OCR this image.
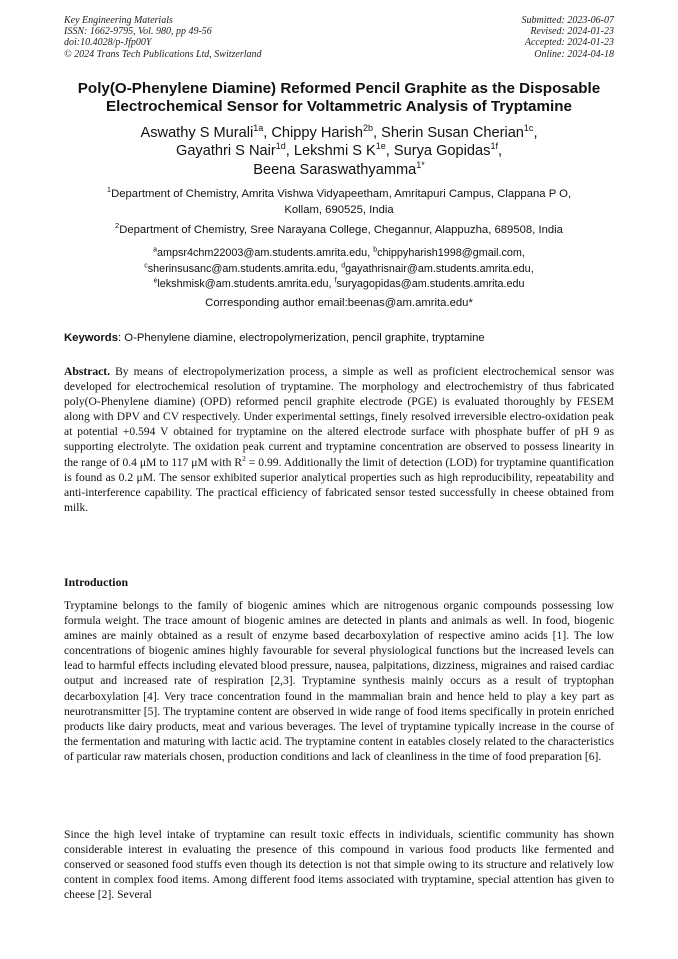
Key Engineering Materials
ISSN: 1662-9795, Vol. 980, pp 49-56
doi:10.4028/p-Jfp00Y
© 2024 Trans Tech Publications Ltd, Switzerland
Submitted: 2023-06-07
Revised: 2024-01-23
Accepted: 2024-01-23
Online: 2024-04-18
Poly(O-Phenylene Diamine) Reformed Pencil Graphite as the Disposable
Electrochemical Sensor for Voltammetric Analysis of Tryptamine
Aswathy S Murali$^{1a}$, Chippy Harish$^{2b}$, Sherin Susan Cherian$^{1c}$,
Gayathri S Nair$^{1d}$, Lekshmi S $K^{1e}$, Surya Gopidas$^{1f}$,
Beena Saraswathyamma$^{1*}$
$^1$Department of Chemistry, Amrita Vishwa Vidyapeetham, Amritapuri Campus, Clappana P O,
Kollam, 690525, India
$^2$Department of Chemistry, Sree Narayana College, Chegannur, Alappuzha, 689508, India
$^a$ampsr4chm22003@am.students.amrita.edu, $^b$chippyharish1998@gmail.com,
$^c$sherinsusanc@am.students.amrita.edu, $^d$gayathrisnair@am.students.amrita.edu,
$^e$lekshmisk@am.students.amrita.edu, $^f$suryagopidas@am.students.amrita.edu
Corresponding author email:beenas@am.amrita.edu*
Keywords: O-Phenylene diamine, electropolymerization, pencil graphite, tryptamine
Abstract. By means of electropolymerization process, a simple as well as proficient electrochemical sensor was developed for electrochemical resolution of tryptamine. The morphology and electrochemistry of thus fabricated poly(O-Phenylene diamine) (OPD) reformed pencil graphite electrode (PGE) is evaluated thoroughly by FESEM along with DPV and CV respectively. Under experimental settings, finely resolved irreversible electro-oxidation peak at potential +0.594 V obtained for tryptamine on the altered electrode surface with phosphate buffer of pH 9 as supporting electrolyte. The oxidation peak current and tryptamine concentration are observed to possess linearity in the range of 0.4 μM to 117 μM with $R^2 = 0.99$. Additionally the limit of detection (LOD) for tryptamine quantification is found as 0.2 μM. The sensor exhibited superior analytical properties such as high reproducibility, repeatability and anti-interference capability. The practical efficiency of fabricated sensor tested successfully in cheese obtained from milk.
Introduction
Tryptamine belongs to the family of biogenic amines which are nitrogenous organic compounds possessing low formula weight. The trace amount of biogenic amines are detected in plants and animals as well. In food, biogenic amines are mainly obtained as a result of enzyme based decarboxylation of respective amino acids [1]. The low concentrations of biogenic amines highly favourable for several physiological functions but the increased levels can lead to harmful effects including elevated blood pressure, nausea, palpitations, dizziness, migraines and raised cardiac output and increased rate of respiration [2,3]. Tryptamine synthesis mainly occurs as a result of tryptophan decarboxylation [4]. Very trace concentration found in the mammalian brain and hence held to play a key part as neurotransmitter [5]. The tryptamine content are observed in wide range of food items specifically in protein enriched products like dairy products, meat and various beverages. The level of tryptamine typically increase in the course of the fermentation and maturing with lactic acid. The tryptamine content in eatables closely related to the characteristics of particular raw materials chosen, production conditions and lack of cleanliness in the time of food preparation [6].
Since the high level intake of tryptamine can result toxic effects in individuals, scientific community has shown considerable interest in evaluating the presence of this compound in various food products like fermented and conserved or seasoned food stuffs even though its detection is not that simple owing to its structure and relatively low content in complex food items. Among different food items associated with tryptamine, special attention has given to cheese [2]. Several
